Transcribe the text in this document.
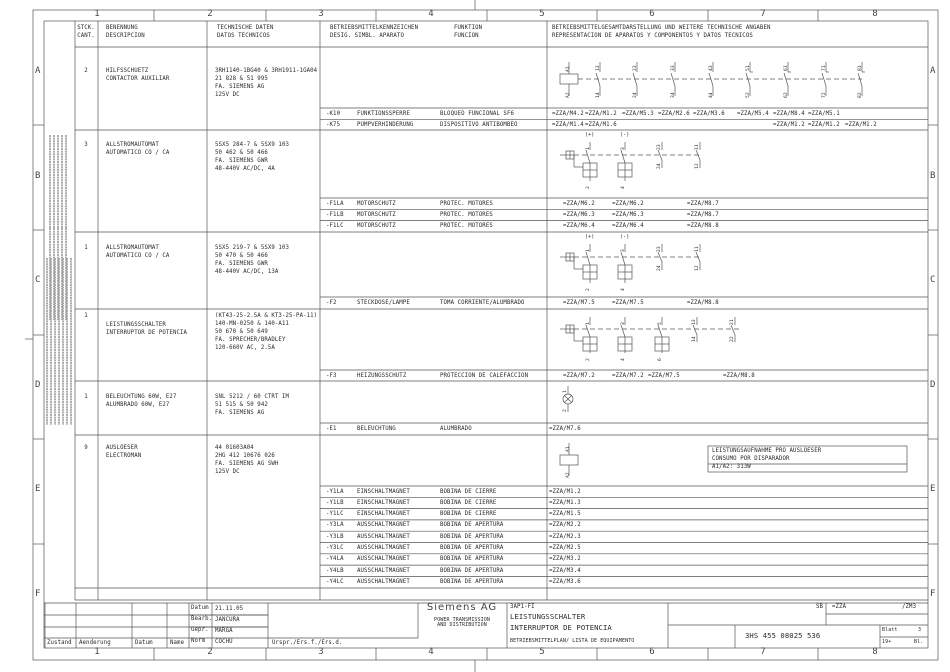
1
1
2
2
3
3
4
4
5
5
6
6
7
7
8
8
A	A
B	B
C	C
D	D
E	E
F	F
STCK.
CANT.
BENENNUNG
DESCRIPCION
TECHNISCHE DATEN
DATOS TECHNICOS
BETRIEBSMITTELKENNZEICHEN
DESIG. SIMBL. APARATO
FUNKTION
FUNCION
BETRIEBSMITTELGESAMTDARSTELLUNG UND WEITERE TECHNISCHE ANGABEN
REPRESENTACION DE APARATOS Y COMPONENTOS Y DATOS TECNICOS
2	HILFSSCHUETZ
CONTACTOR AUXILIAR
3RH1140-1BG40 & 3RH1911-1GA04
21 828 & 51 995
FA. SIEMENS AG
125V DC
-K10	FUNKTIONSSPERRE	BLOQUEO FUNCIONAL SF6	=ZZA/M4.2 =ZZA/M1.2 =ZZA/M5.3 =ZZA/M2.6 =ZZA/M3.6 =ZZA/M5.4 =ZZA/M8.4 =ZZA/M5.1
-K75	PUMPVERHINDERUNG	DISPOSITIVO ANTIBOMBEO	=ZZA/M1.4 =ZZA/M1.6	=ZZA/M1.2 =ZZA/M1.2 =ZZA/M1.2
3	ALLSTROMAUTOMAT
AUTOMATICO CO / CA
5SX5 284-7 & 5SX9 103
50 462 & 50 466
FA. SIEMENS GWR
48-440V AC/DC, 4A
-F1LA MOTORSCHUTZ	PROTEC. MOTORES	=ZZA/M6.2	=ZZA/M6.2	=ZZA/M8.7
-F1LB MOTORSCHUTZ	PROTEC. MOTORES	=ZZA/M6.3	=ZZA/M6.3	=ZZA/M8.7
-F1LC MOTORSCHUTZ	PROTEC. MOTORES	=ZZA/M6.4	=ZZA/M6.4	=ZZA/M8.8
1	ALLSTROMAUTOMAT
AUTOMATICO CO / CA
5SX5 219-7 & 5SX9 103
50 470 & 50 466
FA. SIEMENS GWR
48-440V AC/DC, 13A
-F2	STECKDOSE/LAMPE	TOMA CORRIENTE/ALUMBRADO	=ZZA/M7.5	=ZZA/M7.5	=ZZA/M8.8
1
LEISTUNGSSCHALTER
INTERRUPTOR DE POTENCIA
(KT43-25-2.5A & KT3-25-PA-11)
140-MN-0250 & 140-A11
50 670 & 50 649
FA. SPRECHER/BRADLEY
120-660V AC, 2.5A
-F3	HEIZUNGSSCHUTZ	PROTECCION DE CALEFACCION	=ZZA/M7.2	=ZZA/M7.2 =ZZA/M7.5	=ZZA/M8.8
1	BELEUCHTUNG 60W, E27
ALUMBRADO 60W, E27
SNL 5212 / 60 CTRT IM
51 515 & 50 942
FA. SIEMENS AG
-E1	BELEUCHTUNG	ALUMBRADO	=ZZA/M7.6
9	AUSLOESER
ELECTROMAN
44 01603A04
2HG 412 10676 026
FA. SIEMENS AG SWH
125V DC
-Y1LA EINSCHALTMAGNET	BOBINA DE CIERRE	=ZZA/M1.2
-Y1LB EINSCHALTMAGNET	BOBINA DE CIERRE	=ZZA/M1.3
-Y1LC EINSCHALTMAGNET	BOBINA DE CIERRE	=ZZA/M1.5
-Y3LA AUSSCHALTMAGNET	BOBINA DE APERTURA	=ZZA/M2.2
-Y3LB AUSSCHALTMAGNET	BOBINA DE APERTURA	=ZZA/M2.3
-Y3LC AUSSCHALTMAGNET	BOBINA DE APERTURA	=ZZA/M2.5
-Y4LA AUSSCHALTMAGNET	BOBINA DE APERTURA	=ZZA/M3.2
-Y4LB AUSSCHALTMAGNET	BOBINA DE APERTURA	=ZZA/M3.4
-Y4LC AUSSCHALTMAGNET	BOBINA DE APERTURA	=ZZA/M3.6
A1
A2
13
14
23
24
33
34
43
44
51
52
61
62
71
72
81
82
(+)
1
2
(-)
3
4
23
24
11
12
(+)
1
2
(-)
3
4
23
24
11
12
1
2
3
4
5
6
13
14
21
22
1
2
A1
A2
LEISTUNGSAUFNAHME PRO AUSLOESER
CONSUMO POR DISPARADOR
A1/A2: 313W
Zustand Aenderung	Datum	Name
Datum 21.11.05
Bearb. JANCURA
Gepr. MARGA
Norm COCHU	Urspr./Ers.f./Ers.d.
Siemens AG
POWER TRANSMISSION
AND DISTRIBUTION
3AP1-FI
LEISTUNGSSCHALTER
INTERRUPTOR DE POTENCIA
BETRIEBSMITTELPLAN/ LISTA DE EQUIPAMENTO
SB =ZZA	/ZM3
3HS 455 08025 536
Blatt	3
19+	Bl.
